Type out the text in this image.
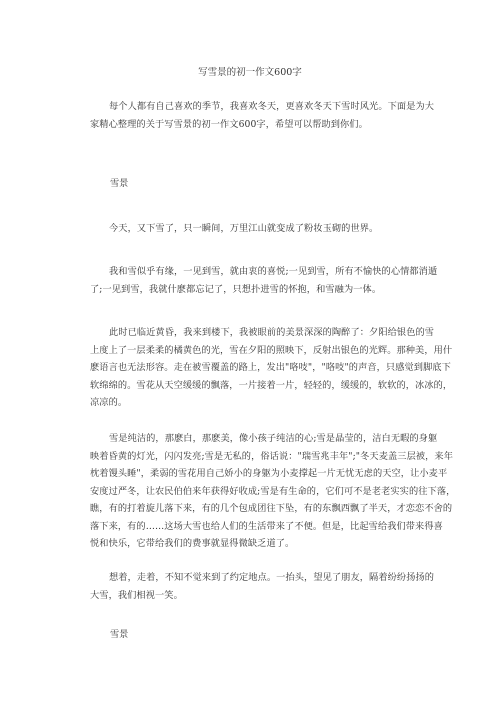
写雪景的初一作文600字

每个人都有自己喜欢的季节，我喜欢冬天，更喜欢冬天下雪时风光。下面是为大
家精心整理的关于写雪景的初一作文600字，希望可以帮助到你们。

雪景

今天，又下雪了，只一瞬间，万里江山就变成了粉妆玉砌的世界。

我和雪似乎有缘，一见到雪，就由衷的喜悦;一见到雪，所有不愉快的心情都消遁
了;一见到雪，我就什麽都忘记了，只想扑进雪的怀抱，和雪融为一体。

此时已临近黄昏，我来到楼下，我被眼前的美景深深的陶醉了：夕阳给银色的雪
上度上了一层柔柔的橘黄色的光，雪在夕阳的照映下，反射出银色的光辉。那种美，用什
麽语言也无法形容。走在被雪覆盖的路上，发出"咯吱"，"咯吱"的声音，只感觉到脚底下
软绵绵的。雪花从天空缓缓的飘落，一片接着一片，轻轻的，缓缓的，软软的，冰冰的，
凉凉的。

雪是纯洁的，那麽白，那麽美，像小孩子纯洁的心;雪是晶莹的，洁白无暇的身躯
映着昏黄的灯光，闪闪发亮;雪是无私的，俗话说："瑞雪兆丰年";"冬天麦盖三层被，来年
枕着馒头睡"，柔弱的雪花用自己娇小的身躯为小麦撑起一片无忧无虑的天空，让小麦平
安度过严冬，让农民伯伯来年获得好收成;雪是有生命的，它们可不是老老实实的往下落，
瞧，有的打着旋儿落下来，有的几个包成团往下坠，有的东飘西飘了半天，才恋恋不舍的
落下来，有的……这场大雪也给人们的生活带来了不便。但是，比起雪给我们带来得喜
悦和快乐，它带给我们的费事就显得微缺乏道了。

想着，走着，不知不觉来到了约定地点。一抬头，望见了朋友，隔着纷纷扬扬的
大雪，我们相视一笑。

雪景
